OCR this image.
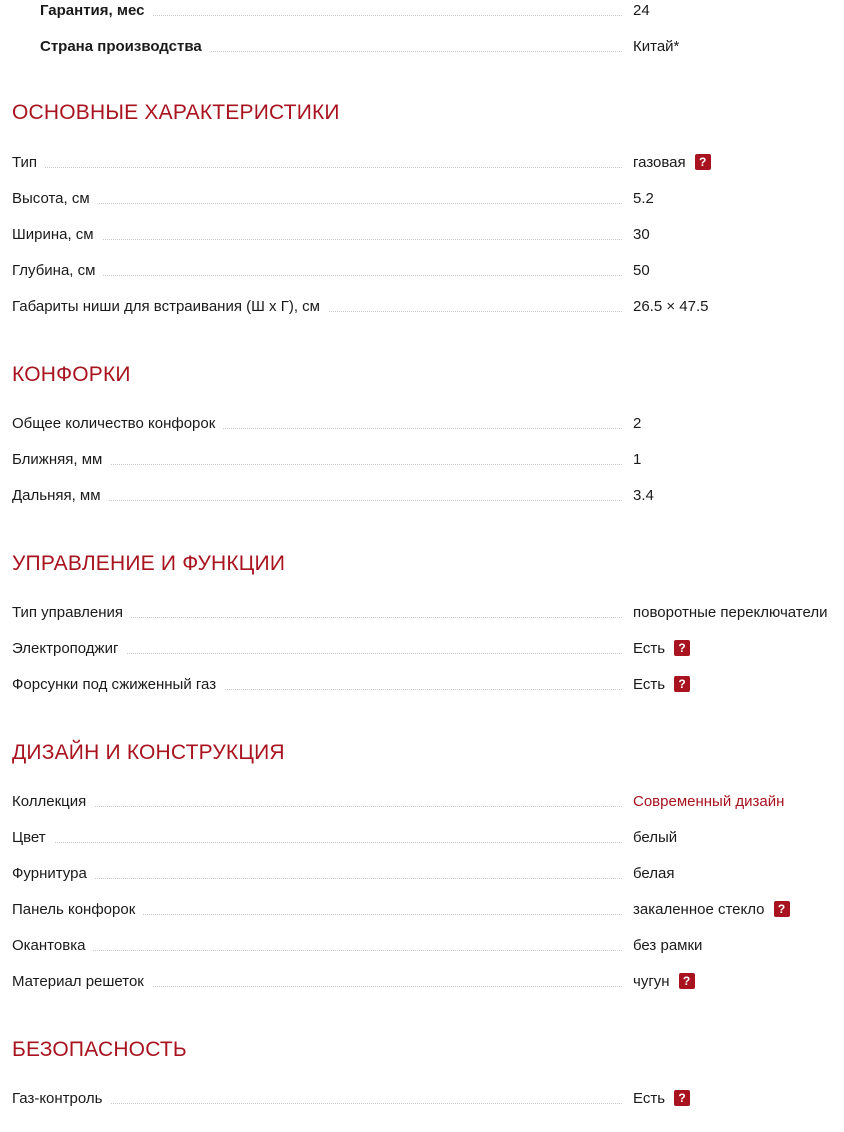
Гарантия, мес	24
Страна производства	Китай*
ОСНОВНЫЕ ХАРАКТЕРИСТИКИ
Тип	газовая ?
Высота, см	5.2
Ширина, см	30
Глубина, см	50
Габариты ниши для встраивания (Ш х Г), см	26.5 × 47.5
КОНФОРКИ
Общее количество конфорок	2
Ближняя, мм	1
Дальняя, мм	3.4
УПРАВЛЕНИЕ И ФУНКЦИИ
Тип управления	поворотные переключатели
Электроподжиг	Есть ?
Форсунки под сжиженный газ	Есть ?
ДИЗАЙН И КОНСТРУКЦИЯ
Коллекция	Современный дизайн
Цвет	белый
Фурнитура	белая
Панель конфорок	закаленное стекло ?
Окантовка	без рамки
Материал решеток	чугун ?
БЕЗОПАСНОСТЬ
Газ-контроль	Есть ?
